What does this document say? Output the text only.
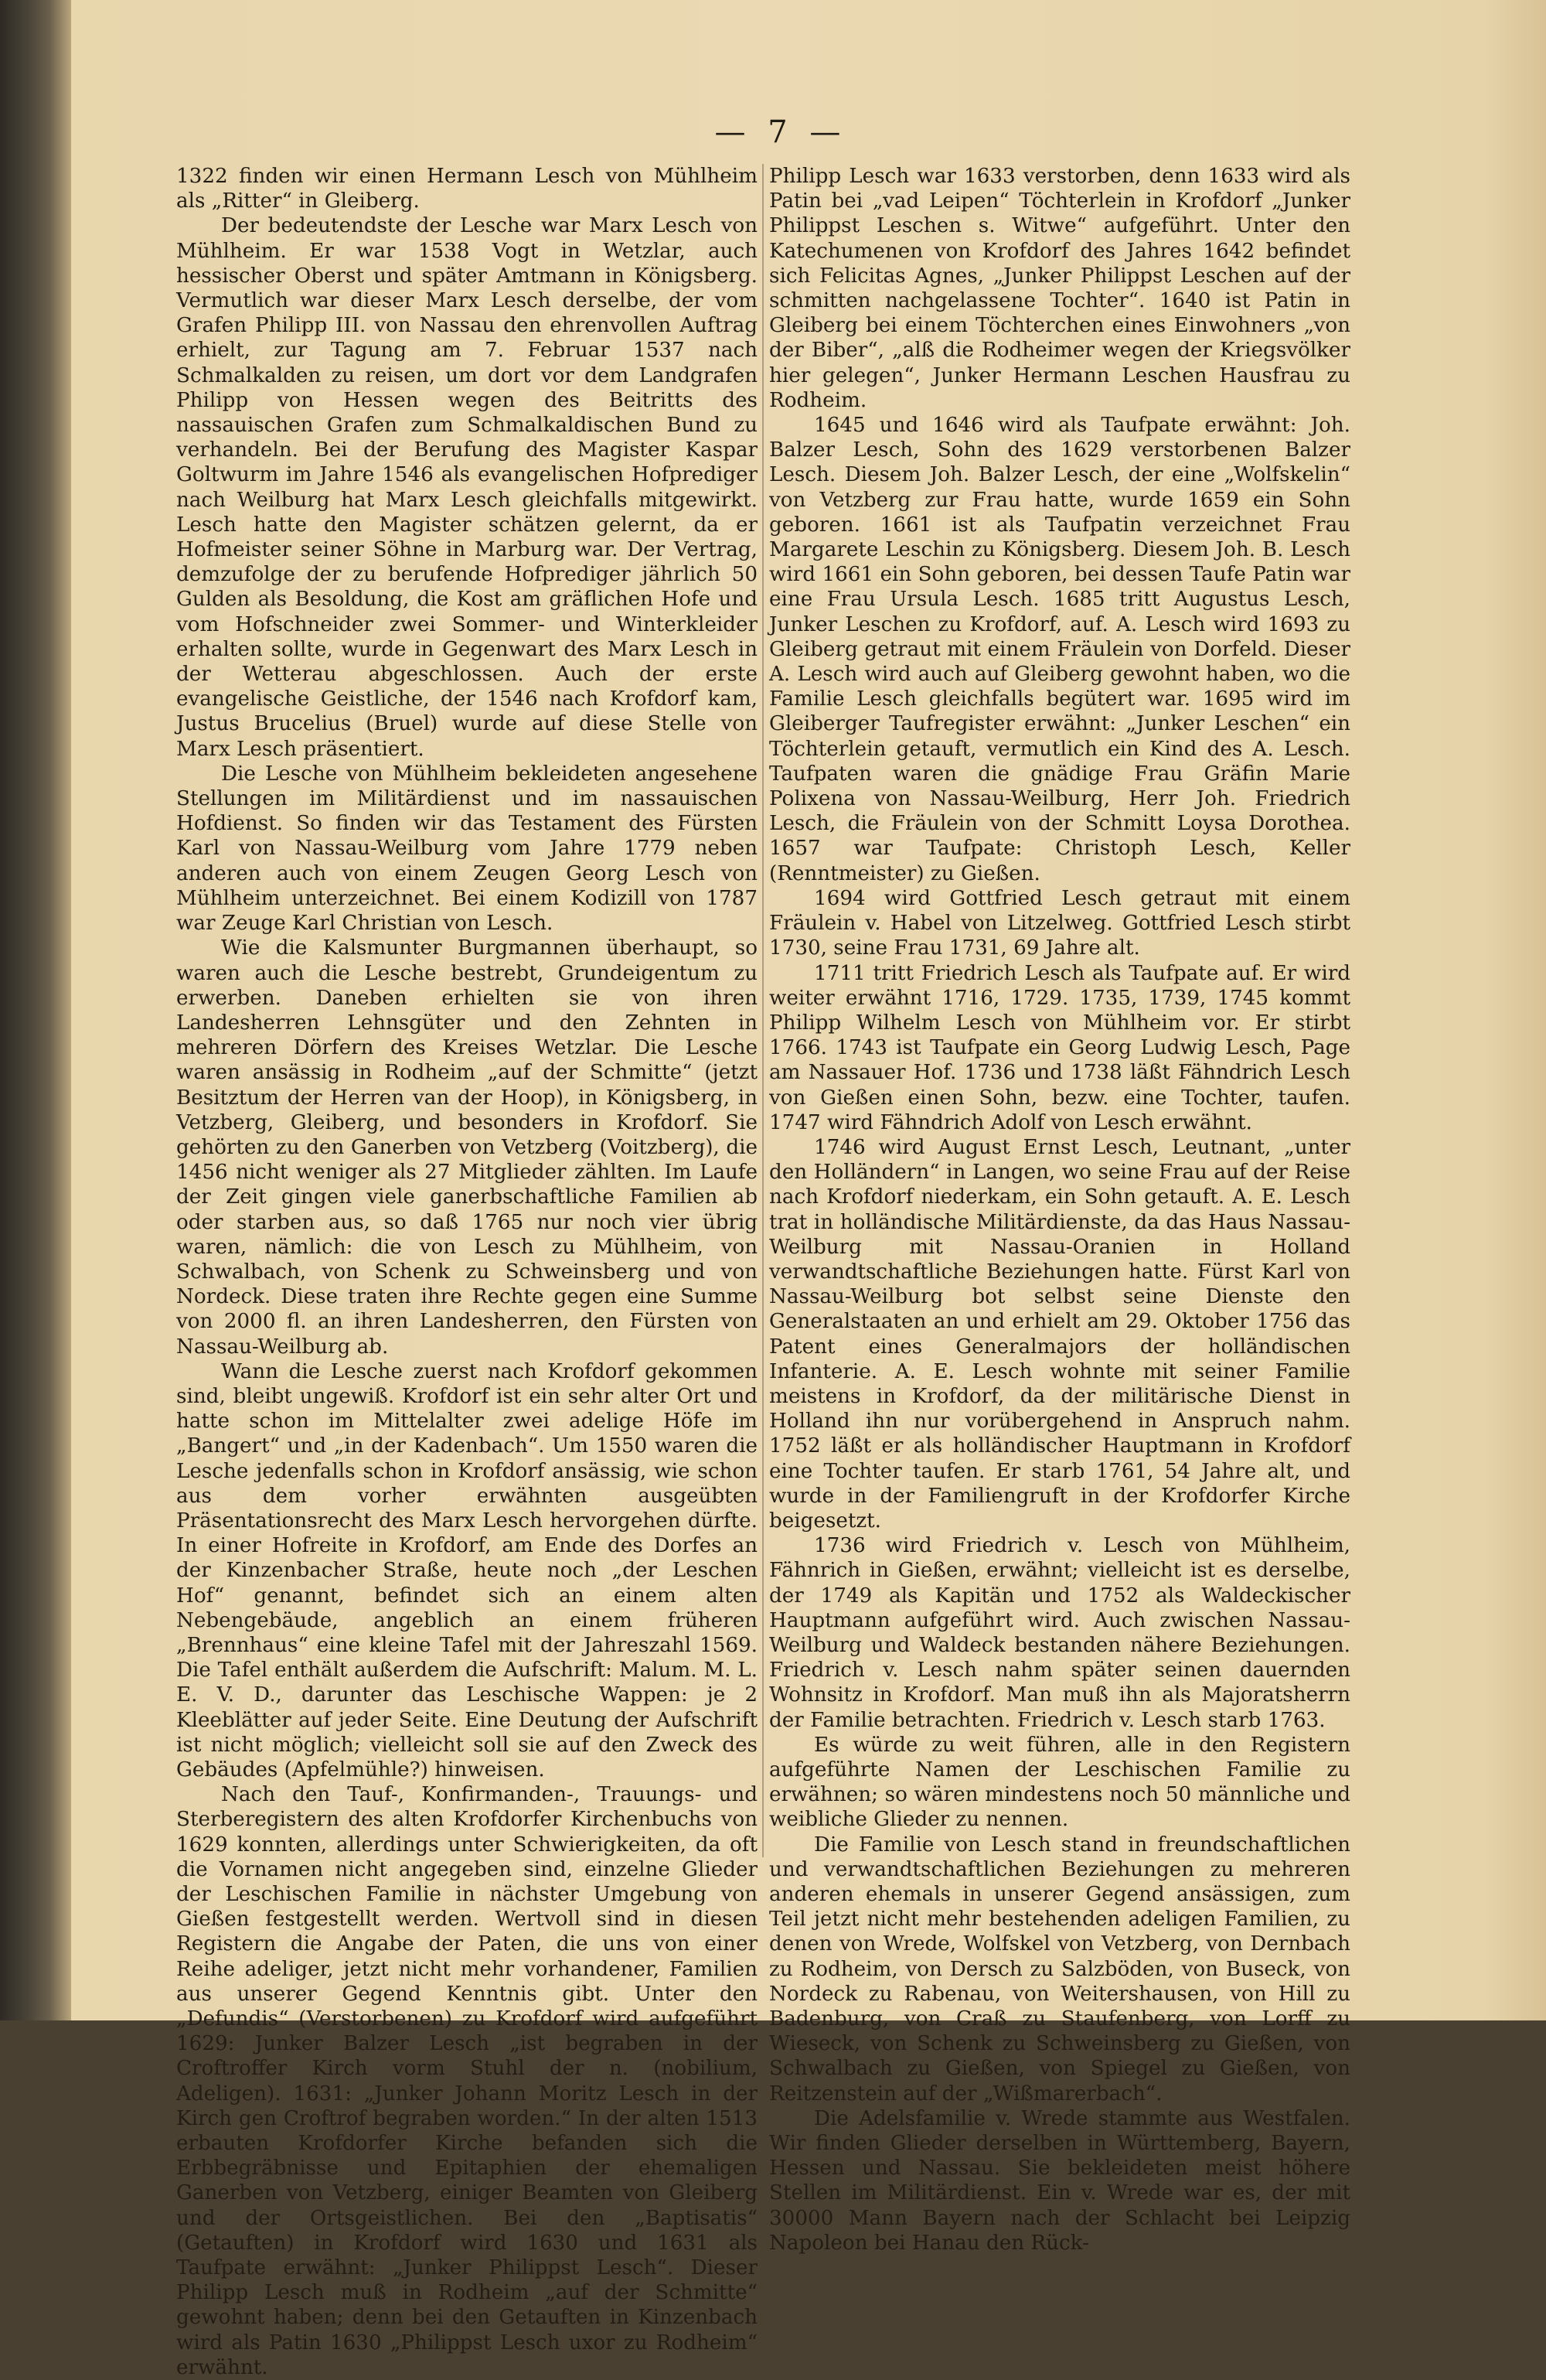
— 7 —

1322 finden wir einen Hermann Lesch von Mühlheim als „Ritter“ in Gleiberg.

Der bedeutendste der Lesche war Marx Lesch von Mühlheim. Er war 1538 Vogt in Wetzlar, auch hessischer Oberst und später Amtmann in Königsberg. Vermutlich war dieser Marx Lesch derselbe, der vom Grafen Philipp III. von Nassau den ehrenvollen Auftrag erhielt, zur Tagung am 7. Februar 1537 nach Schmalkalden zu reisen, um dort vor dem Landgrafen Philipp von Hessen wegen des Beitritts des nassauischen Grafen zum Schmalkaldischen Bund zu verhandeln. Bei der Berufung des Magister Kaspar Goltwurm im Jahre 1546 als evangelischen Hofprediger nach Weilburg hat Marx Lesch gleichfalls mitgewirkt. Lesch hatte den Magister schätzen gelernt, da er Hofmeister seiner Söhne in Marburg war. Der Vertrag, demzufolge der zu berufende Hofprediger jährlich 50 Gulden als Besoldung, die Kost am gräflichen Hofe und vom Hofschneider zwei Sommer- und Winterkleider erhalten sollte, wurde in Gegenwart des Marx Lesch in der Wetterau abgeschlossen. Auch der erste evangelische Geistliche, der 1546 nach Krofdorf kam, Justus Brucelius (Bruel) wurde auf diese Stelle von Marx Lesch präsentiert.

Die Lesche von Mühlheim bekleideten angesehene Stellungen im Militärdienst und im nassauischen Hofdienst. So finden wir das Testament des Fürsten Karl von Nassau-Weilburg vom Jahre 1779 neben anderen auch von einem Zeugen Georg Lesch von Mühlheim unterzeichnet. Bei einem Kodizill von 1787 war Zeuge Karl Christian von Lesch.

Wie die Kalsmunter Burgmannen überhaupt, so waren auch die Lesche bestrebt, Grundeigentum zu erwerben. Daneben erhielten sie von ihren Landesherren Lehnsgüter und den Zehnten in mehreren Dörfern des Kreises Wetzlar. Die Lesche waren ansässig in Rodheim „auf der Schmitte“ (jetzt Besitztum der Herren van der Hoop), in Königsberg, in Vetzberg, Gleiberg, und besonders in Krofdorf. Sie gehörten zu den Ganerben von Vetzberg (Voitzberg), die 1456 nicht weniger als 27 Mitglieder zählten. Im Laufe der Zeit gingen viele ganerbschaftliche Familien ab oder starben aus, so daß 1765 nur noch vier übrig waren, nämlich: die von Lesch zu Mühlheim, von Schwalbach, von Schenk zu Schweinsberg und von Nordeck. Diese traten ihre Rechte gegen eine Summe von 2000 fl. an ihren Landesherren, den Fürsten von Nassau-Weilburg ab.

Wann die Lesche zuerst nach Krofdorf gekommen sind, bleibt ungewiß. Krofdorf ist ein sehr alter Ort und hatte schon im Mittelalter zwei adelige Höfe im „Bangert“ und „in der Kadenbach“. Um 1550 waren die Lesche jedenfalls schon in Krofdorf ansässig, wie schon aus dem vorher erwähnten ausgeübten Präsentationsrecht des Marx Lesch hervorgehen dürfte. In einer Hofreite in Krofdorf, am Ende des Dorfes an der Kinzenbacher Straße, heute noch „der Leschen Hof“ genannt, befindet sich an einem alten Nebengebäude, angeblich an einem früheren „Brennhaus“ eine kleine Tafel mit der Jahreszahl 1569. Die Tafel enthält außerdem die Aufschrift: Malum. M. L. E. V. D., darunter das Leschische Wappen: je 2 Kleeblätter auf jeder Seite. Eine Deutung der Aufschrift ist nicht möglich; vielleicht soll sie auf den Zweck des Gebäudes (Apfelmühle?) hinweisen.

Nach den Tauf-, Konfirmanden-, Trauungs- und Sterberegistern des alten Krofdorfer Kirchenbuchs von 1629 konnten, allerdings unter Schwierigkeiten, da oft die Vornamen nicht angegeben sind, einzelne Glieder der Leschischen Familie in nächster Umgebung von Gießen festgestellt werden. Wertvoll sind in diesen Registern die Angabe der Paten, die uns von einer Reihe adeliger, jetzt nicht mehr vorhandener, Familien aus unserer Gegend Kenntnis gibt. Unter den „Defundis“ (Verstorbenen) zu Krofdorf wird aufgeführt 1629: Junker Balzer Lesch „ist begraben in der Croftroffer Kirch vorm Stuhl der n. (nobilium, Adeligen). 1631: „Junker Johann Moritz Lesch in der Kirch gen Croftrof begraben worden.“ In der alten 1513 erbauten Krofdorfer Kirche befanden sich die Erbbegräbnisse und Epitaphien der ehemaligen Ganerben von Vetzberg, einiger Beamten von Gleiberg und der Ortsgeistlichen. Bei den „Baptisatis“ (Getauften) in Krofdorf wird 1630 und 1631 als Taufpate erwähnt: „Junker Philippst Lesch“. Dieser Philipp Lesch muß in Rodheim „auf der Schmitte“ gewohnt haben; denn bei den Getauften in Kinzenbach wird als Patin 1630 „Philippst Lesch uxor zu Rodheim“ erwähnt.

Philipp Lesch war 1633 verstorben, denn 1633 wird als Patin bei „vad Leipen“ Töchterlein in Krofdorf „Junker Philippst Leschen s. Witwe“ aufgeführt. Unter den Katechumenen von Krofdorf des Jahres 1642 befindet sich Felicitas Agnes, „Junker Philippst Leschen auf der schmitten nachgelassene Tochter“. 1640 ist Patin in Gleiberg bei einem Töchterchen eines Einwohners „von der Biber“, „alß die Rodheimer wegen der Kriegsvölker hier gelegen“, Junker Hermann Leschen Hausfrau zu Rodheim.

1645 und 1646 wird als Taufpate erwähnt: Joh. Balzer Lesch, Sohn des 1629 verstorbenen Balzer Lesch. Diesem Joh. Balzer Lesch, der eine „Wolfskelin“ von Vetzberg zur Frau hatte, wurde 1659 ein Sohn geboren. 1661 ist als Taufpatin verzeichnet Frau Margarete Leschin zu Königsberg. Diesem Joh. B. Lesch wird 1661 ein Sohn geboren, bei dessen Taufe Patin war eine Frau Ursula Lesch. 1685 tritt Augustus Lesch, Junker Leschen zu Krofdorf, auf. A. Lesch wird 1693 zu Gleiberg getraut mit einem Fräulein von Dorfeld. Dieser A. Lesch wird auch auf Gleiberg gewohnt haben, wo die Familie Lesch gleichfalls begütert war. 1695 wird im Gleiberger Taufregister erwähnt: „Junker Leschen“ ein Töchterlein getauft, vermutlich ein Kind des A. Lesch. Taufpaten waren die gnädige Frau Gräfin Marie Polixena von Nassau-Weilburg, Herr Joh. Friedrich Lesch, die Fräulein von der Schmitt Loysa Dorothea. 1657 war Taufpate: Christoph Lesch, Keller (Renntmeister) zu Gießen.

1694 wird Gottfried Lesch getraut mit einem Fräulein v. Habel von Litzelweg. Gottfried Lesch stirbt 1730, seine Frau 1731, 69 Jahre alt.

1711 tritt Friedrich Lesch als Taufpate auf. Er wird weiter erwähnt 1716, 1729. 1735, 1739, 1745 kommt Philipp Wilhelm Lesch von Mühlheim vor. Er stirbt 1766. 1743 ist Taufpate ein Georg Ludwig Lesch, Page am Nassauer Hof. 1736 und 1738 läßt Fähndrich Lesch von Gießen einen Sohn, bezw. eine Tochter, taufen. 1747 wird Fähndrich Adolf von Lesch erwähnt.

1746 wird August Ernst Lesch, Leutnant, „unter den Holländern“ in Langen, wo seine Frau auf der Reise nach Krofdorf niederkam, ein Sohn getauft. A. E. Lesch trat in holländische Militärdienste, da das Haus Nassau-Weilburg mit Nassau-Oranien in Holland verwandtschaftliche Beziehungen hatte. Fürst Karl von Nassau-Weilburg bot selbst seine Dienste den Generalstaaten an und erhielt am 29. Oktober 1756 das Patent eines Generalmajors der holländischen Infanterie. A. E. Lesch wohnte mit seiner Familie meistens in Krofdorf, da der militärische Dienst in Holland ihn nur vorübergehend in Anspruch nahm. 1752 läßt er als holländischer Hauptmann in Krofdorf eine Tochter taufen. Er starb 1761, 54 Jahre alt, und wurde in der Familiengruft in der Krofdorfer Kirche beigesetzt.

1736 wird Friedrich v. Lesch von Mühlheim, Fähnrich in Gießen, erwähnt; vielleicht ist es derselbe, der 1749 als Kapitän und 1752 als Waldeckischer Hauptmann aufgeführt wird. Auch zwischen Nassau-Weilburg und Waldeck bestanden nähere Beziehungen. Friedrich v. Lesch nahm später seinen dauernden Wohnsitz in Krofdorf. Man muß ihn als Majoratsherrn der Familie betrachten. Friedrich v. Lesch starb 1763.

Es würde zu weit führen, alle in den Registern aufgeführte Namen der Leschischen Familie zu erwähnen; so wären mindestens noch 50 männliche und weibliche Glieder zu nennen.

Die Familie von Lesch stand in freundschaftlichen und verwandtschaftlichen Beziehungen zu mehreren anderen ehemals in unserer Gegend ansässigen, zum Teil jetzt nicht mehr bestehenden adeligen Familien, zu denen von Wrede, Wolfskel von Vetzberg, von Dernbach zu Rodheim, von Dersch zu Salzböden, von Buseck, von Nordeck zu Rabenau, von Weitershausen, von Hill zu Badenburg, von Craß zu Staufenberg, von Lorff zu Wieseck, von Schenk zu Schweinsberg zu Gießen, von Schwalbach zu Gießen, von Spiegel zu Gießen, von Reitzenstein auf der „Wißmarerbach“.

Die Adelsfamilie v. Wrede stammte aus Westfalen. Wir finden Glieder derselben in Württemberg, Bayern, Hessen und Nassau. Sie bekleideten meist höhere Stellen im Militärdienst. Ein v. Wrede war es, der mit 30000 Mann Bayern nach der Schlacht bei Leipzig Napoleon bei Hanau den Rück-
